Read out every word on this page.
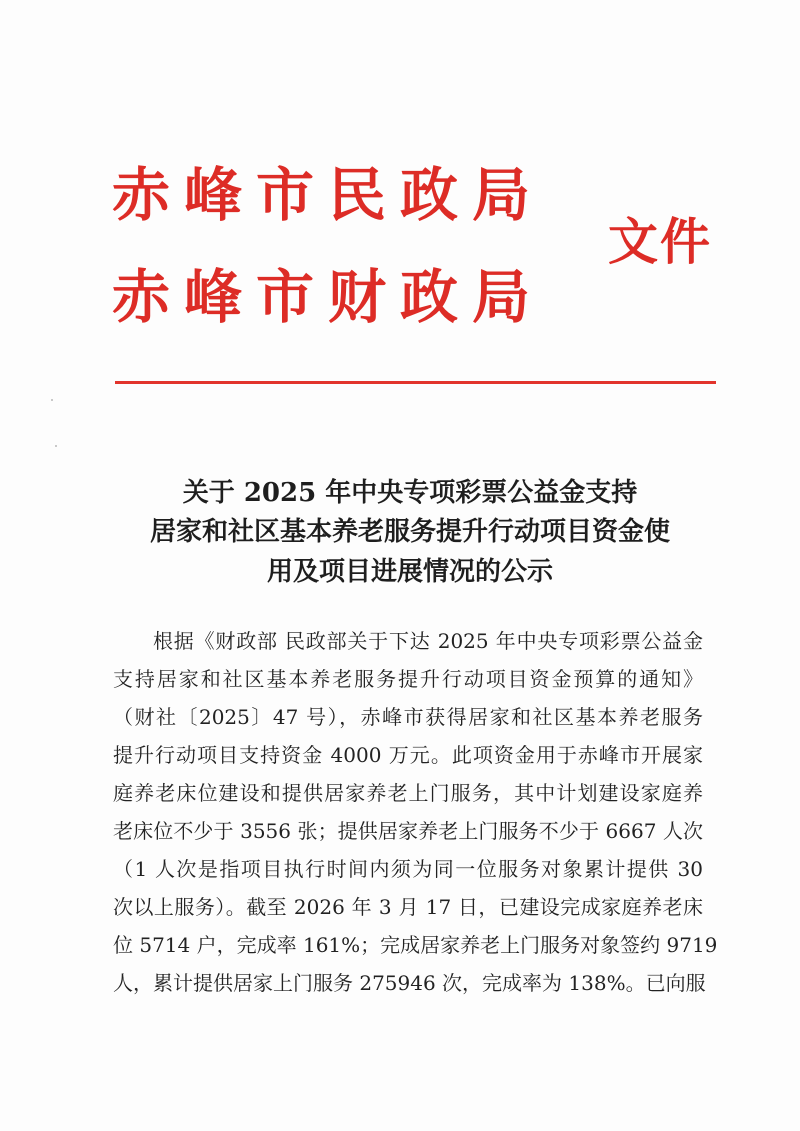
赤峰市民政局
赤峰市财政局
文件
关于 2025 年中央专项彩票公益金支持
居家和社区基本养老服务提升行动项目资金使
用及项目进展情况的公示
根据《财政部 民政部关于下达 2025 年中央专项彩票公益金
支持居家和社区基本养老服务提升行动项目资金预算的通知》
（财社〔2025〕47 号），赤峰市获得居家和社区基本养老服务
提升行动项目支持资金 4000 万元。此项资金用于赤峰市开展家
庭养老床位建设和提供居家养老上门服务，其中计划建设家庭养
老床位不少于 3556 张；提供居家养老上门服务不少于 6667 人次
（1 人次是指项目执行时间内须为同一位服务对象累计提供 30
次以上服务）。截至 2026 年 3 月 17 日，已建设完成家庭养老床
位 5714 户，完成率 161%；完成居家养老上门服务对象签约 9719
人，累计提供居家上门服务 275946 次，完成率为 138%。已向服
